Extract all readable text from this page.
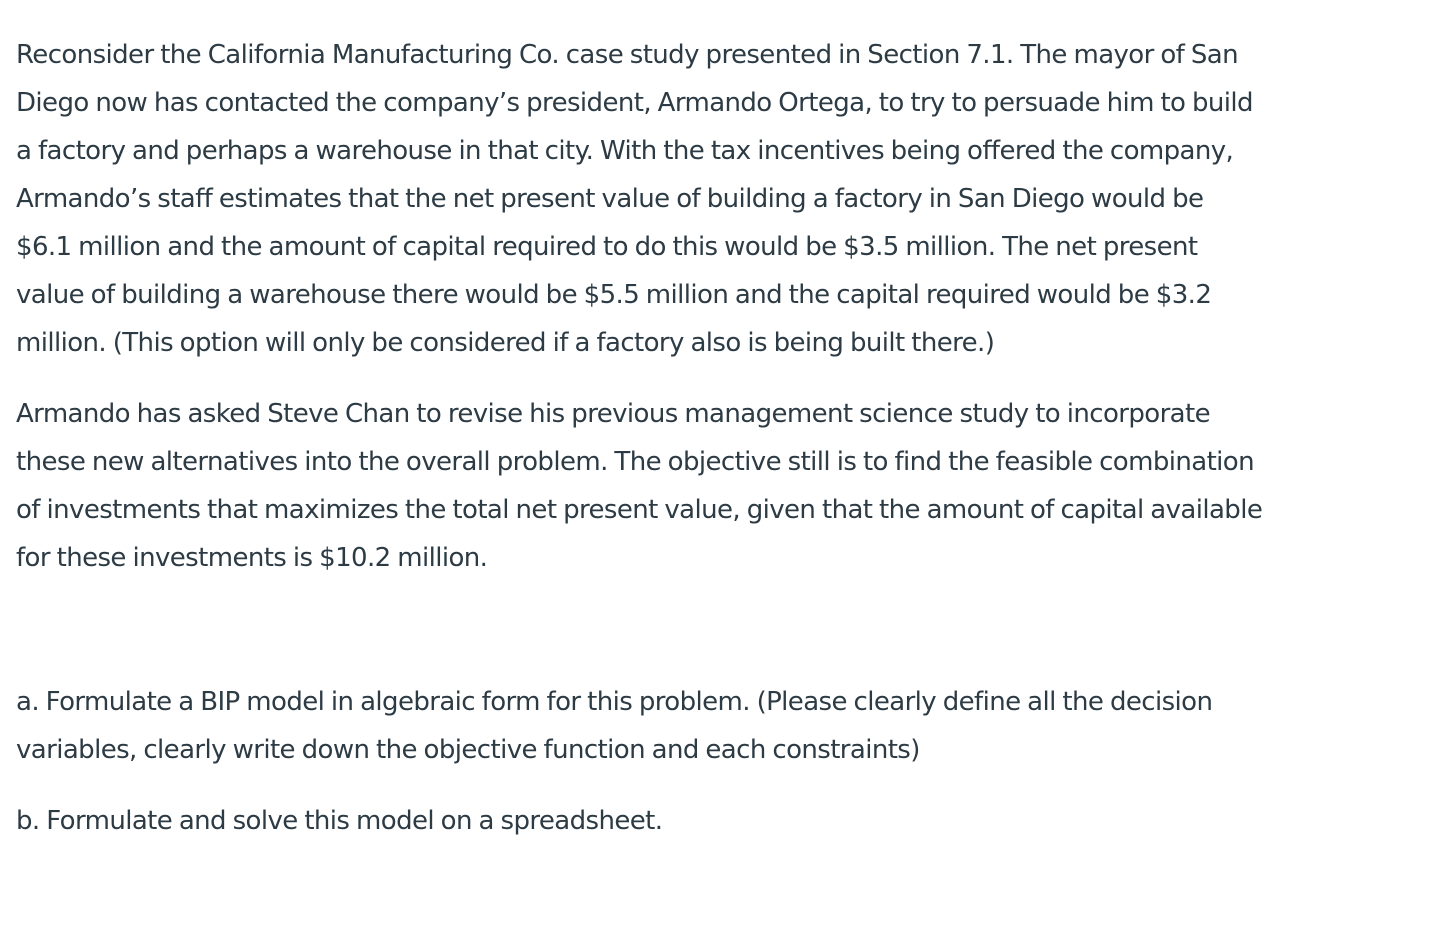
Reconsider the California Manufacturing Co. case study presented in Section 7.1. The mayor of San
Diego now has contacted the company’s president, Armando Ortega, to try to persuade him to build
a factory and perhaps a warehouse in that city. With the tax incentives being offered the company,
Armando’s staff estimates that the net present value of building a factory in San Diego would be
$6.1 million and the amount of capital required to do this would be $3.5 million. The net present
value of building a warehouse there would be $5.5 million and the capital required would be $3.2
million. (This option will only be considered if a factory also is being built there.)

Armando has asked Steve Chan to revise his previous management science study to incorporate
these new alternatives into the overall problem. The objective still is to find the feasible combination
of investments that maximizes the total net present value, given that the amount of capital available
for these investments is $10.2 million.

a. Formulate a BIP model in algebraic form for this problem. (Please clearly define all the decision
variables, clearly write down the objective function and each constraints)

b. Formulate and solve this model on a spreadsheet.
